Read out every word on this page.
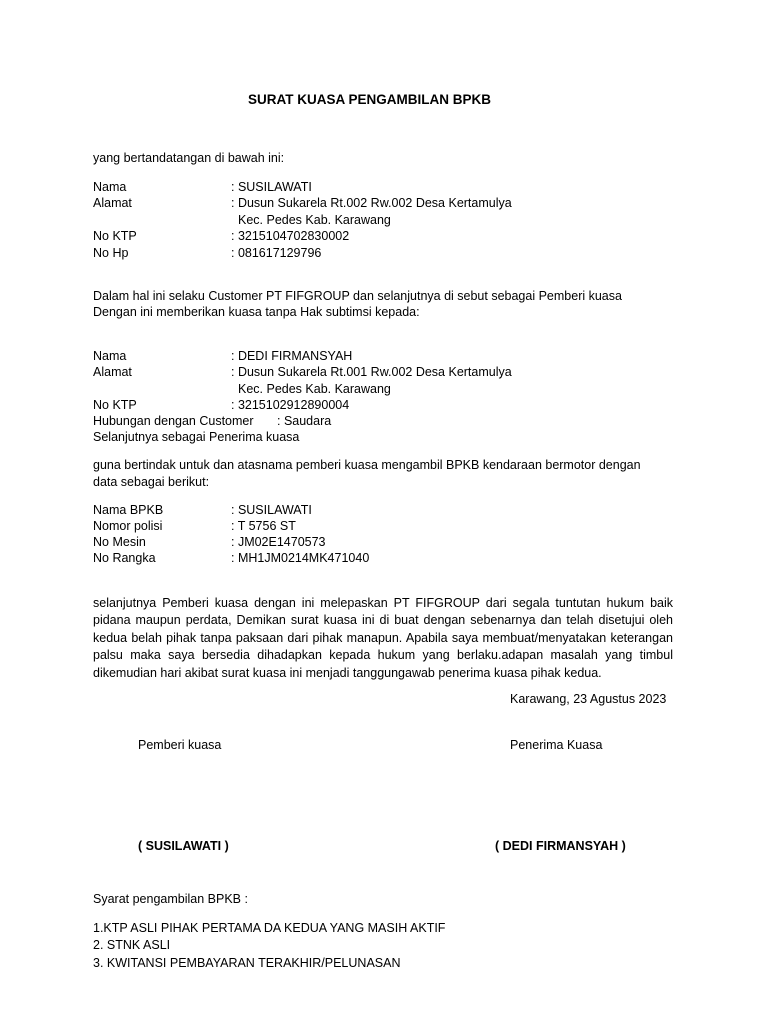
SURAT KUASA PENGAMBILAN BPKB
yang bertandatangan di bawah ini:
Nama	: SUSILAWATI
Alamat	: Dusun Sukarela Rt.002 Rw.002 Desa Kertamulya
Kec. Pedes Kab. Karawang
No KTP	: 3215104702830002
No Hp	: 081617129796
Dalam hal ini selaku Customer PT FIFGROUP dan selanjutnya di sebut sebagai Pemberi kuasa
Dengan ini memberikan kuasa tanpa Hak subtimsi kepada:
Nama	: DEDI FIRMANSYAH
Alamat	: Dusun Sukarela Rt.001 Rw.002 Desa Kertamulya
Kec. Pedes Kab. Karawang
No KTP	: 3215102912890004
Hubungan dengan Customer : Saudara
Selanjutnya sebagai Penerima kuasa
guna bertindak untuk dan atasnama pemberi kuasa mengambil BPKB kendaraan bermotor dengan
data sebagai berikut:
Nama BPKB	: SUSILAWATI
Nomor polisi	: T 5756 ST
No Mesin	: JM02E1470573
No Rangka	: MH1JM0214MK471040
selanjutnya Pemberi kuasa dengan ini melepaskan PT FIFGROUP dari segala tuntutan hukum baik pidana maupun perdata, Demikan surat kuasa ini di buat dengan sebenarnya dan telah disetujui oleh kedua belah pihak tanpa paksaan dari pihak manapun. Apabila saya membuat/menyatakan keterangan palsu maka saya bersedia dihadapkan kepada hukum yang berlaku.adapan masalah yang timbul dikemudian hari akibat surat kuasa ini menjadi tanggungawab penerima kuasa pihak kedua.
Karawang, 23 Agustus 2023
Pemberi kuasa	Penerima Kuasa
( SUSILAWATI )	( DEDI FIRMANSYAH )
Syarat pengambilan BPKB :
1.KTP ASLI PIHAK PERTAMA DA KEDUA YANG MASIH AKTIF
2. STNK ASLI
3. KWITANSI PEMBAYARAN TERAKHIR/PELUNASAN
